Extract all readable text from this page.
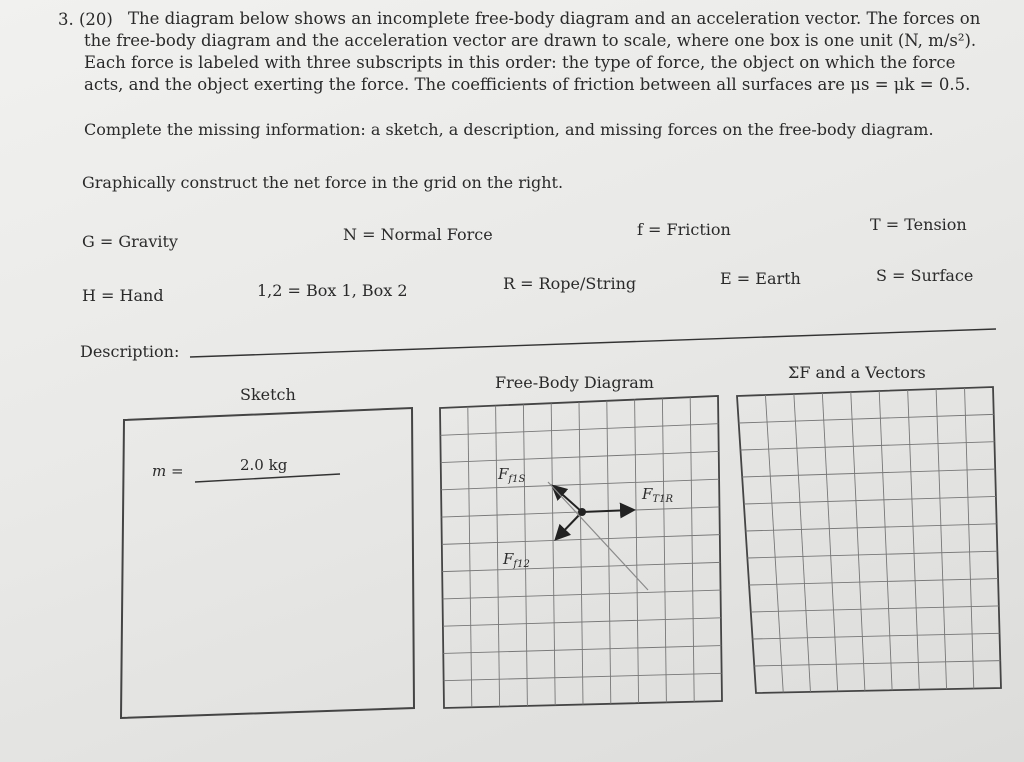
3. (20) The diagram below shows an incomplete free-body diagram and an acceleration vector. The forces on
the free-body diagram and the acceleration vector are drawn to scale, where one box is one unit (N, m/s²).
Each force is labeled with three subscripts in this order: the type of force, the object on which the force
acts, and the object exerting the force. The coefficients of friction between all surfaces are μs = μk = 0.5.
Complete the missing information: a sketch, a description, and missing forces on the free-body diagram.
Graphically construct the net force in the grid on the right.
G = Gravity	N = Normal Force	f = Friction	T = Tension
H = Hand	1,2 = Box 1, Box 2	R = Rope/String	E = Earth	S = Surface
Description:
Sketch
Free-Body Diagram
ΣF and a Vectors
m =	2.0 kg	$F_{f1S}$
$F_{T1R}$
$F_{f12}$
